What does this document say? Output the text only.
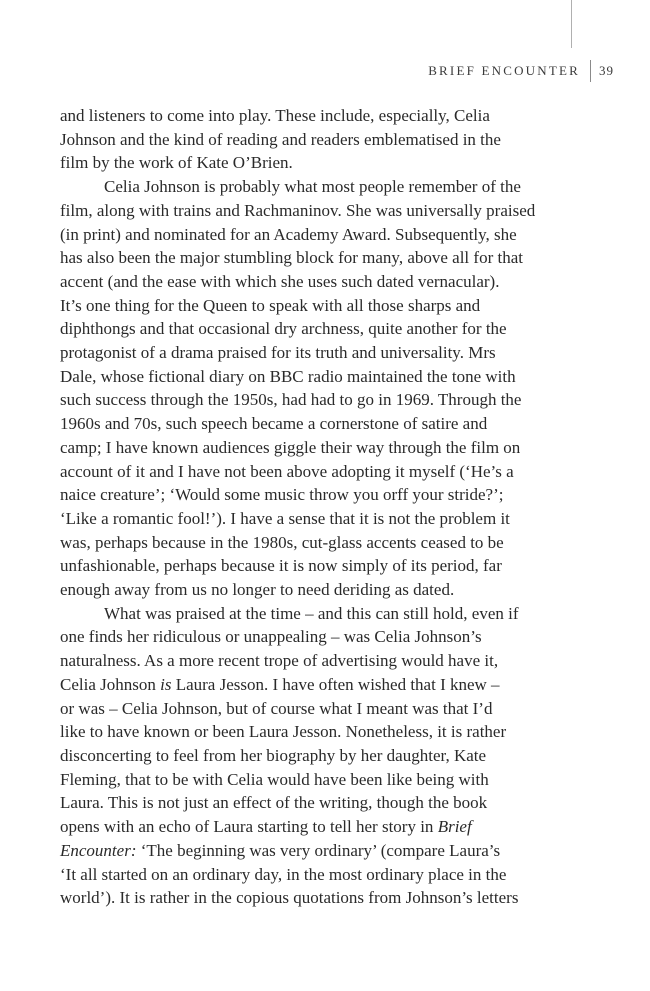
BRIEF ENCOUNTER 39

and listeners to come into play. These include, especially, Celia
Johnson and the kind of reading and readers emblematised in the
film by the work of Kate O’Brien.

Celia Johnson is probably what most people remember of the
film, along with trains and Rachmaninov. She was universally praised
(in print) and nominated for an Academy Award. Subsequently, she
has also been the major stumbling block for many, above all for that
accent (and the ease with which she uses such dated vernacular).
It’s one thing for the Queen to speak with all those sharps and
diphthongs and that occasional dry archness, quite another for the
protagonist of a drama praised for its truth and universality. Mrs
Dale, whose fictional diary on BBC radio maintained the tone with
such success through the 1950s, had had to go in 1969. Through the
1960s and 70s, such speech became a cornerstone of satire and
camp; I have known audiences giggle their way through the film on
account of it and I have not been above adopting it myself (‘He’s a
naice creature’; ‘Would some music throw you orff your stride?’;
‘Like a romantic fool!’). I have a sense that it is not the problem it
was, perhaps because in the 1980s, cut-glass accents ceased to be
unfashionable, perhaps because it is now simply of its period, far
enough away from us no longer to need deriding as dated.

What was praised at the time – and this can still hold, even if
one finds her ridiculous or unappealing – was Celia Johnson’s
naturalness. As a more recent trope of advertising would have it,
Celia Johnson is Laura Jesson. I have often wished that I knew –
or was – Celia Johnson, but of course what I meant was that I’d
like to have known or been Laura Jesson. Nonetheless, it is rather
disconcerting to feel from her biography by her daughter, Kate
Fleming, that to be with Celia would have been like being with
Laura. This is not just an effect of the writing, though the book
opens with an echo of Laura starting to tell her story in Brief
Encounter: ‘The beginning was very ordinary’ (compare Laura’s
‘It all started on an ordinary day, in the most ordinary place in the
world’). It is rather in the copious quotations from Johnson’s letters
